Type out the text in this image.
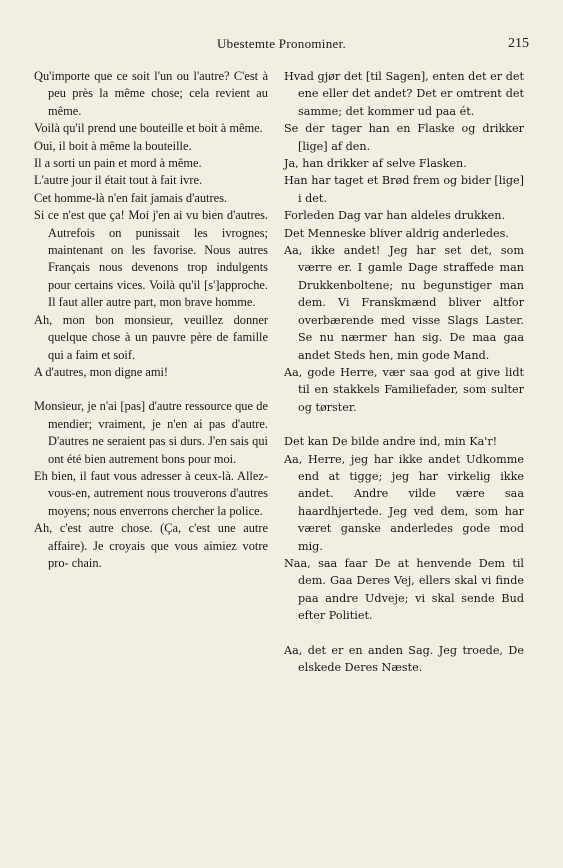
Ubestemte Pronominer.	215
Qu'importe que ce soit l'un ou l'autre? C'est à peu près la même chose; cela revient au même.
Voilà qu'il prend une bouteille et boit à même.
Oui, il boit à même la bouteille.
Il a sorti un pain et mord à même.
L'autre jour il était tout à fait ivre.
Cet homme-là n'en fait jamais d'autres.
Si ce n'est que ça! Moi j'en ai vu bien d'autres. Autrefois on punissait les ivrognes; maintenant on les favorise. Nous autres Français nous devenons trop indulgents pour certains vices. Voilà qu'il [s']approche. Il faut aller autre part, mon brave homme.
Ah, mon bon monsieur, veuillez donner quelque chose à un pauvre père de famille qui a faim et soif.
A d'autres, mon digne ami!
Monsieur, je n'ai [pas] d'autre ressource que de mendier; vraiment, je n'en ai pas d'autre. D'autres ne seraient pas si durs. J'en sais qui ont été bien autrement bons pour moi.
Eh bien, il faut vous adresser à ceux-là. Allez-vous-en, autrement nous trouverons d'autres moyens; nous enverrons chercher la police.
Ah, c'est autre chose. (Ça, c'est une autre affaire). Je croyais que vous aimiez votre pro- chain.
Hvad gjør det [til Sagen], enten det er det ene eller det andet? Det er omtrent det samme; det kommer ud paa ét.
Se der tager han en Flaske og drikker [lige] af den.
Ja, han drikker af selve Flasken.
Han har taget et Brød frem og bider [lige] i det.
Forleden Dag var han aldeles drukken.
Det Menneske bliver aldrig anderledes.
Aa, ikke andet! Jeg har set det, som værre er. I gamle Dage straffede man Drukkenboltene; nu begunstiger man dem. Vi Franskmænd bliver altfor overbærende med visse Slags Laster. Se nu nærmer han sig. De maa gaa andet Steds hen, min gode Mand.
Aa, gode Herre, vær saa god at give lidt til en stakkels Familiefader, som sulter og tørster.
Det kan De bilde andre ind, min Ka'r!
Aa, Herre, jeg har ikke andet Udkomme end at tigge; jeg har virkelig ikke andet. Andre vilde være saa haardhjertede. Jeg ved dem, som har været ganske anderledes gode mod mig.
Naa, saa faar De at henvende Dem til dem. Gaa Deres Vej, ellers skal vi finde paa andre Udveje; vi skal sende Bud efter Politiet.
Aa, det er en anden Sag. Jeg troede, De elskede Deres Næste.
